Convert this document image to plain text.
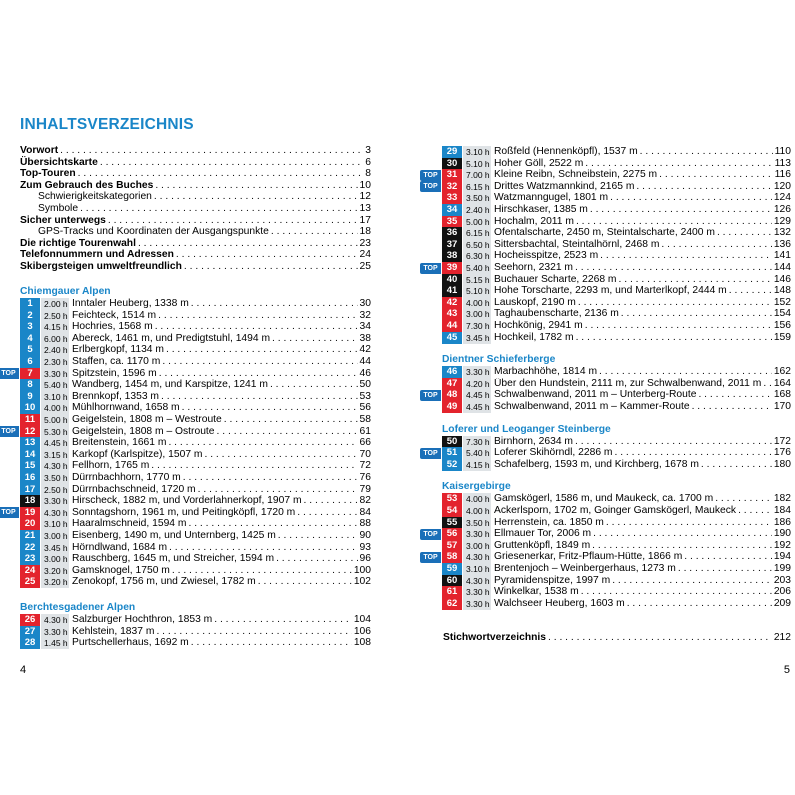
INHALTSVERZEICHNIS
Vorwort . . .	3
Übersichtskarte . . .	6
Top-Touren . . .	8
Zum Gebrauch des Buches . . .	10
Schwierigkeitskategorien . . .	12
Symbole . . .	13
Sicher unterwegs . . .	17
GPS-Tracks und Koordinaten der Ausgangspunkte . . .	18
Die richtige Tourenwahl . . .	23
Telefonnummern und Adressen . . .	24
Skibergsteigen umweltfreundlich . . .	25
Chiemgauer Alpen
1	2.00 h Inntaler Heuberg, 1338 m . . .	30
2	2.50 h Feichteck, 1514 m . . .	32
3	4.15 h Hochries, 1568 m . . .	34
4	6.00 h Abereck, 1461 m, und Predigtstuhl, 1494 m . . .	38
5	2.40 h Erlbergkopf, 1134 m . . .	42
6	2.30 h Staffen, ca. 1170 m . . .	44
TOP	7	3.30 h Spitzstein, 1596 m . . .	46
8	5.40 h Wandberg, 1454 m, und Karspitze, 1241 m . . .	50
9	3.10 h Brennkopf, 1353 m . . .	53
10	4.00 h Mühlhornwand, 1658 m . . .	56
11	5.00 h Geigelstein, 1808 m – Westroute . . .	58
TOP 12	5.30 h Geigelstein, 1808 m – Ostroute . . .	61
13	4.45 h Breitenstein, 1661 m . . .	66
14	3.15 h Karkopf (Karlspitze), 1507 m . . .	70
15	4.30 h Fellhorn, 1765 m . . .	72
16	3.50 h Dürrnbachhorn, 1770 m . . .	76
17	2.50 h Dürrnbachschneid, 1720 m . . .	79
18	3.30 h Hirscheck, 1882 m, und Vorderlahnerkopf, 1907 m . . .	82
TOP 19	4.30 h Sonntagshorn, 1961 m, und Peitingköpfl, 1720 m . . .	84
20	3.10 h Haaralmschneid, 1594 m . . .	88
21	3.00 h Eisenberg, 1490 m, und Unternberg, 1425 m . . .	90
22	3.45 h Hörndlwand, 1684 m . . .	93
23	3.00 h Rauschberg, 1645 m, und Streicher, 1594 m . . .	96
24	3.20 h Gamsknogel, 1750 m . . .	100
25	3.20 h Zenokopf, 1756 m, und Zwiesel, 1782 m . . .	102
Berchtesgadener Alpen
26	4.30 h Salzburger Hochthron, 1853 m . . .	104
27	3.30 h Kehlstein, 1837 m . . .	106
28	1.45 h Purtschellerhaus, 1692 m . . .	108
4
29	3.10 h Roßfeld (Hennenköpfl), 1537 m . . .	110
30	5.10 h Hoher Göll, 2522 m . . .	113
TOP 31	7.00 h Kleine Reibn, Schneibstein, 2275 m . . .	116
TOP 32	6.15 h Drittes Watzmannkind, 2165 m . . .	120
33	3.50 h Watzmanngugel, 1801 m . . .	124
34	2.40 h Hirschkaser, 1385 m . . .	126
35	5.00 h Hochalm, 2011 m . . .	129
36	6.15 h Ofentalscharte, 2450 m, Steintalscharte, 2400 m . . .	132
37	6.50 h Sittersbachtal, Steintalhörnl, 2468 m . . .	136
38	6.30 h Hocheisspitze, 2523 m . . .	141
TOP 39	5.40 h Seehorn, 2321 m . . .	144
40	5.15 h Buchauer Scharte, 2268 m . . .	146
41	5.10 h Hohe Torscharte, 2293 m, und Marterlkopf, 2444 m . . .	148
42	4.00 h Lauskopf, 2190 m . . .	152
43	3.00 h Taghaubenscharte, 2136 m . . .	154
44	7.30 h Hochkönig, 2941 m . . .	156
45	3.45 h Hochkeil, 1782 m . . .	159
Dientner Schieferberge
46	3.30 h Marbachhöhe, 1814 m . . .	162
47	4.20 h Über den Hundstein, 2111 m, zur Schwalbenwand, 2011 m . . . 164
TOP 48	4.45 h Schwalbenwand, 2011 m – Unterberg-Route . . .	168
49	4.45 h Schwalbenwand, 2011 m – Kammer-Route . . .	170
Loferer und Leoganger Steinberge
50	7.30 h Birnhorn, 2634 m . . .	172
TOP 51	5.40 h Loferer Skihörndl, 2286 m . . .	176
52	4.15 h Schafelberg, 1593 m, und Kirchberg, 1678 m . . .	180
Kaisergebirge
53	4.00 h Gamskögerl, 1586 m, und Maukeck, ca. 1700 m . . .	182
54	4.00 h Ackerlsporn, 1702 m, Goinger Gamskögerl, Maukeck . . .	184
55	3.50 h Herrenstein, ca. 1850 m . . .	186
TOP 56	3.30 h Ellmauer Tor, 2006 m . . .	190
57	3.00 h Gruttenköpfl, 1849 m . . .	192
TOP 58	4.30 h Griesenerkar, Fritz-Pflaum-Hütte, 1866 m . . .	194
59	3.10 h Brentenjoch – Weinbergerhaus, 1273 m . . .	199
60	4.30 h Pyramidenspitze, 1997 m . . .	203
61	3.30 h Winkelkar, 1538 m . . .	206
62	3.30 h Walchseer Heuberg, 1603 m . . .	209
Stichwortverzeichnis . . .	212
5
